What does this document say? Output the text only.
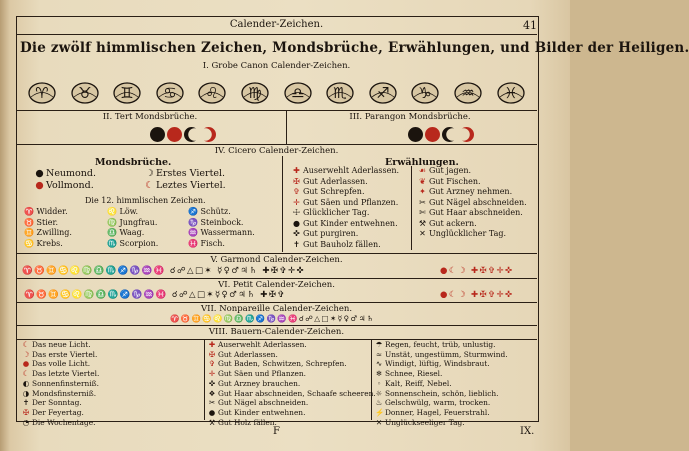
Calender-Zeichen.	41
Die zwölf himmlischen Zeichen, Mondsbrüche, Erwählungen, und Bilder der Heiligen.
I. Grobe Canon Calender-Zeichen.
♈ ♉ ♊ ♋ ♌ ♍ ♎ ♏ ♐ ♑ ♒ ♓
II. Tert Mondsbrüche.	III. Parangon Mondsbrüche.
IV. Cicero Calender-Zeichen.
Mondsbrüche.	Erwählungen.
● Neumond.	☽ Erstes Viertel.
● Vollmond.	☾ Leztes Viertel.
Die 12. himmlischen Zeichen.
♈ Widder.
♉ Stier.
♊ Zwilling.
♋ Krebs.
♌ Löw.
♍ Jungfrau.
♎ Waag.
♏ Scorpion.
♐ Schütz.
♑ Steinbock.
♒ Wassermann.
♓ Fisch.
✚ Auserwehlt Aderlassen.
✠ Gut Aderlassen.
✞ Gut Schrepfen.
✛ Gut Säen und Pflanzen.
☩ Glücklicher Tag.
● Gut Kinder entwehnen.
✜ Gut purgiren.
✝ Gut Bauholz fällen.
☙ Gut jagen.
❦ Gut Fischen.
✦ Gut Arzney nehmen.
✂ Gut Nägel abschneiden.
✄ Gut Haar abschneiden.
⚒ Gut ackern.
✕ Unglücklicher Tag.
V. Garmond Calender-Zeichen.
♈♉♊♋♌♍♎♏♐♑♒♓ ☌☍△□✶ ☿♀♂♃♄ ✚✠✞✛✜	●☾☽ ✚✠✞✛✜
VI. Petit Calender-Zeichen.
♈♉♊♋♌♍♎♏♐♑♒♓ ☌☍△□✶☿♀♂♃♄ ✚✠✞	●☾☽ ✚✠✞✛✜
VII. Nonpareille Calender-Zeichen.
♈♉♊♋♌♍♎♏♐♑♒♓☌☍△□✶☿♀♂♃♄
VIII. Bauern-Calender-Zeichen.
☾ Das neue Licht.
☽ Das erste Viertel.
● Das volle Licht.
☾ Das letzte Viertel.
◐ Sonnenfinsterniß.
◑ Mondsfinsterniß.
✝ Der Sonntag.
✠ Der Feyertag.
◔ Die Wochentage.
✚ Auserwehlt Aderlassen.
✠ Gut Aderlassen.
✞ Gut Baden, Schwitzen, Schrepfen.
✛ Gut Säen und Pflanzen.
✜ Gut Arzney brauchen.
❖ Gut Haar abschneiden, Schaafe scheeren.
✂ Gut Nägel abschneiden.
● Gut Kinder entwehnen.
⚒ Gut Holz fällen.
☂ Regen, feucht, trüb, unlustig.
≈ Unstät, ungestümm, Sturmwind.
∿ Windigt, lüftig, Windsbraut.
❄ Schnee, Riesel.
◦ Kalt, Reiff, Nebel.
☼ Sonnenschein, schön, lieblich.
♨ Gelschwülg, warm, trocken.
⚡Donner, Hagel, Feuerstrahl.
✕ Unglückseeliger Tag.
F	IX.
